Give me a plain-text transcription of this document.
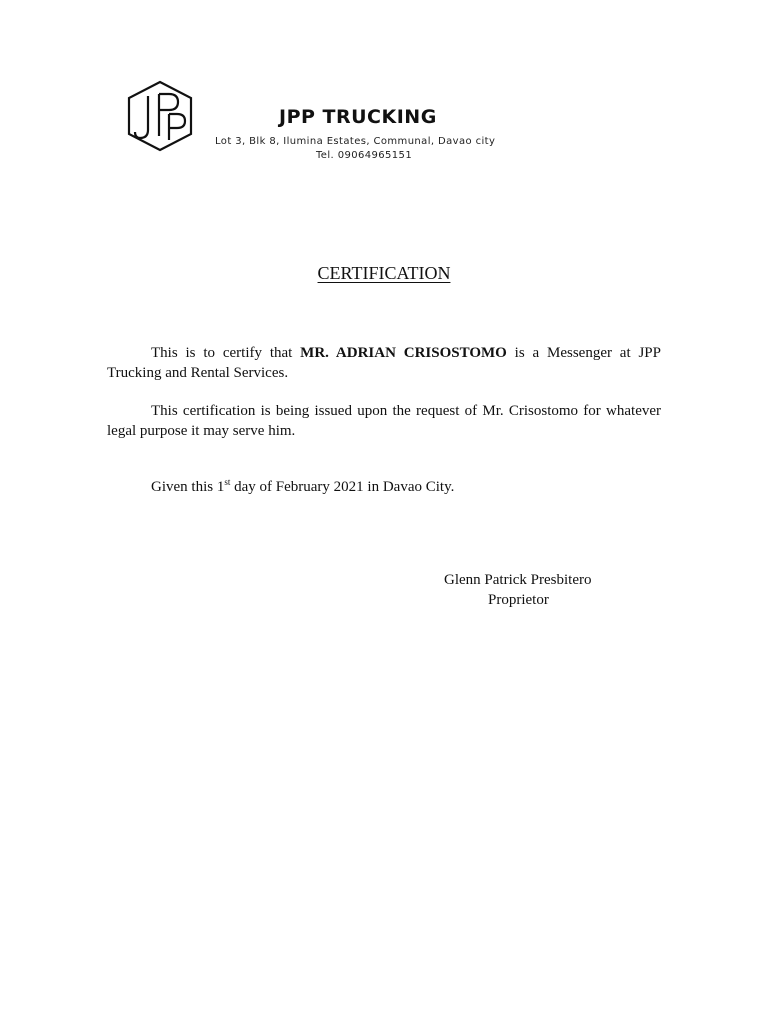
JPP TRUCKING
Lot 3, Blk 8, Ilumina Estates, Communal, Davao city
Tel. 09064965151
CERTIFICATION
This is to certify that MR. ADRIAN CRISOSTOMO is a Messenger at JPP Trucking and Rental Services.
This certification is being issued upon the request of Mr. Crisostomo for whatever legal purpose it may serve him.
Given this 1st day of February 2021 in Davao City.
Glenn Patrick Presbitero
Proprietor
